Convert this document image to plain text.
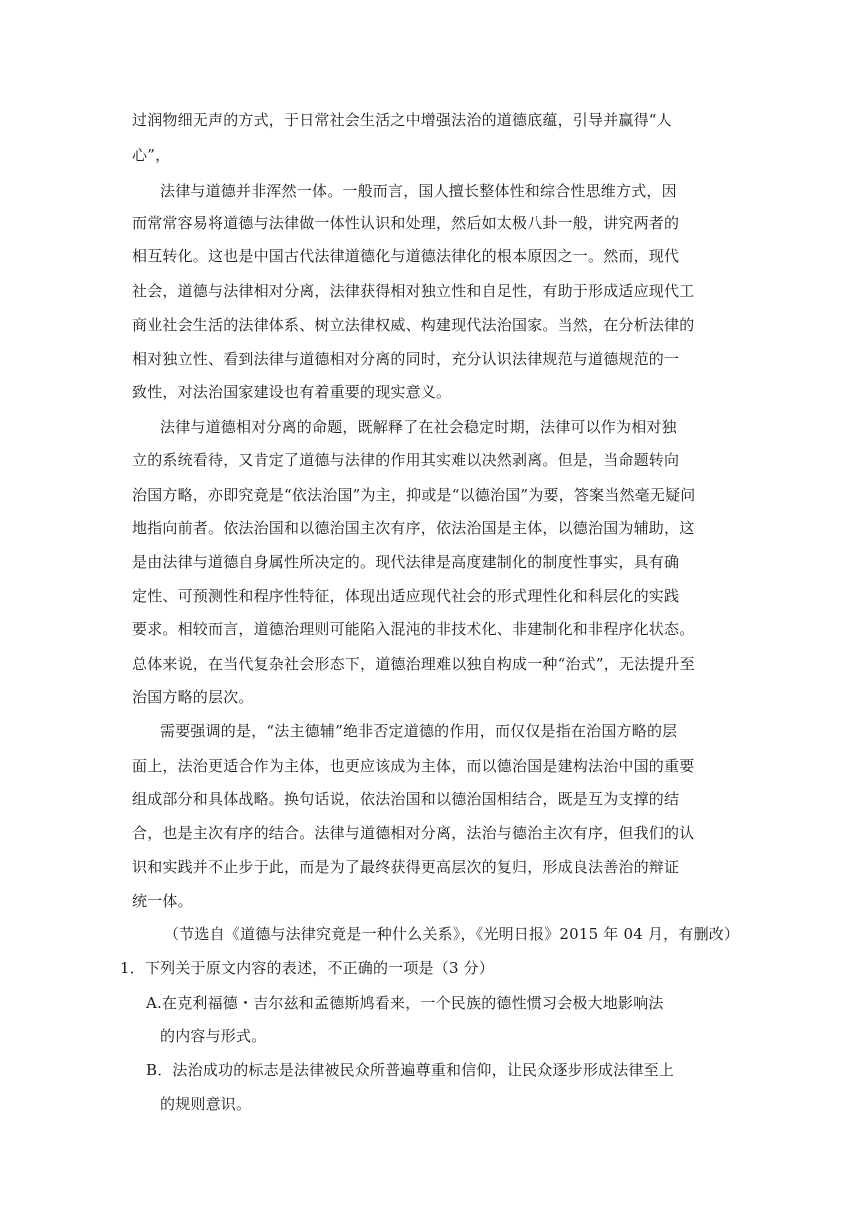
过润物细无声的方式，于日常社会生活之中增强法治的道德底蕴，引导并赢得“人
心”，
法律与道德并非浑然一体。一般而言，国人擅长整体性和综合性思维方式，因
而常常容易将道德与法律做一体性认识和处理，然后如太极八卦一般，讲究两者的
相互转化。这也是中国古代法律道德化与道德法律化的根本原因之一。然而，现代
社会，道德与法律相对分离，法律获得相对独立性和自足性，有助于形成适应现代工
商业社会生活的法律体系、树立法律权威、构建现代法治国家。当然，在分析法律的
相对独立性、看到法律与道德相对分离的同时，充分认识法律规范与道德规范的一
致性，对法治国家建设也有着重要的现实意义。
法律与道德相对分离的命题，既解释了在社会稳定时期，法律可以作为相对独
立的系统看待，又肯定了道德与法律的作用其实难以决然剥离。但是，当命题转向
治国方略，亦即究竟是“依法治国”为主，抑或是“以德治国”为要，答案当然毫无疑问
地指向前者。依法治国和以德治国主次有序，依法治国是主体，以德治国为辅助，这
是由法律与道德自身属性所决定的。现代法律是高度建制化的制度性事实，具有确
定性、可预测性和程序性特征，体现出适应现代社会的形式理性化和科层化的实践
要求。相较而言，道德治理则可能陷入混沌的非技术化、非建制化和非程序化状态。
总体来说，在当代复杂社会形态下，道德治理难以独自构成一种“治式”，无法提升至
治国方略的层次。
需要强调的是，“法主德辅”绝非否定道德的作用，而仅仅是指在治国方略的层
面上，法治更适合作为主体，也更应该成为主体，而以德治国是建构法治中国的重要
组成部分和具体战略。换句话说，依法治国和以德治国相结合，既是互为支撑的结
合，也是主次有序的结合。法律与道德相对分离，法治与德治主次有序，但我们的认
识和实践并不止步于此，而是为了最终获得更高层次的复归，形成良法善治的辩证
统一体。
（节选自《道德与法律究竟是一种什么关系》，《光明日报》2015 年 04 月，有删改）
1．下列关于原文内容的表述，不正确的一项是（3 分）
A.在克利福德・吉尔兹和孟德斯鸠看来，一个民族的德性惯习会极大地影响法
的内容与形式。
B．法治成功的标志是法律被民众所普遍尊重和信仰，让民众逐步形成法律至上
的规则意识。
